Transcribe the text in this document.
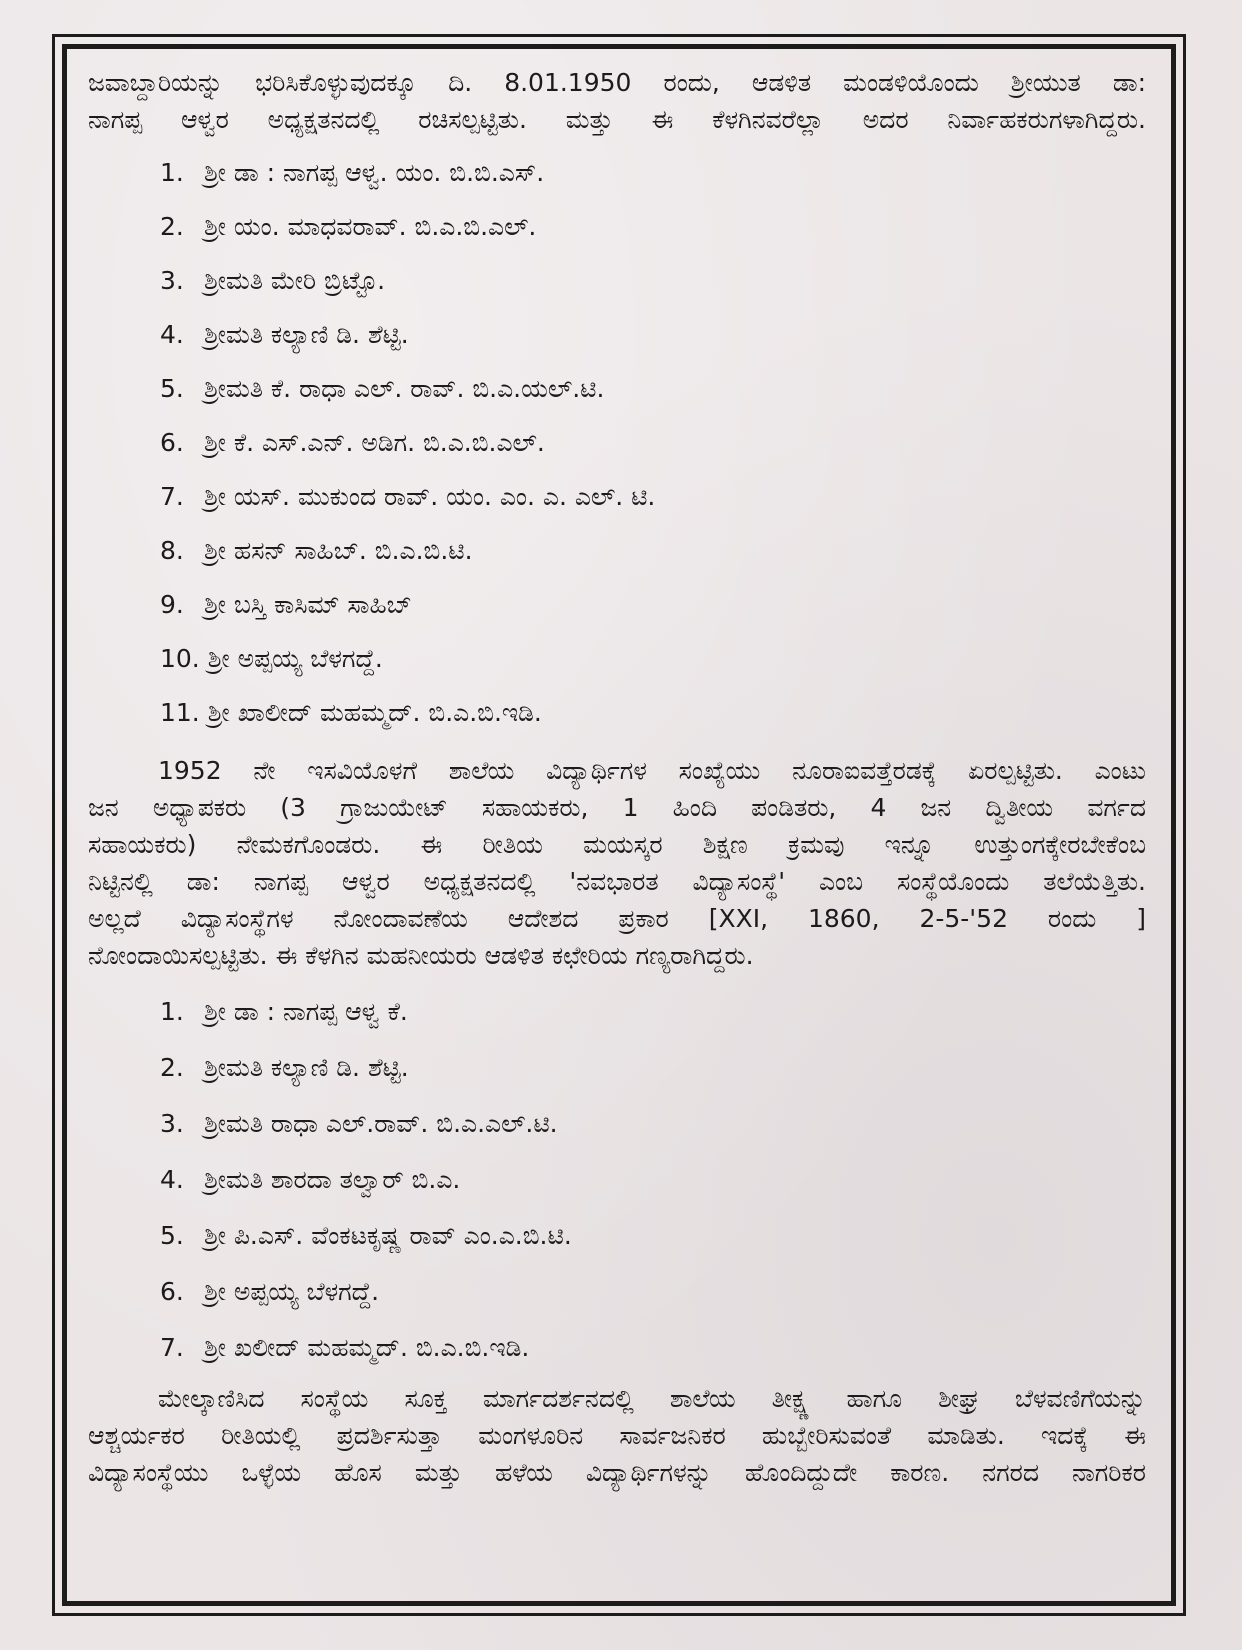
ಜವಾಬ್ದಾರಿಯನ್ನು ಭರಿಸಿಕೊಳ್ಳುವುದಕ್ಕೂ ದಿ. 8.01.1950 ರಂದು, ಆಡಳಿತ ಮಂಡಳಿಯೊಂದು ಶ್ರೀಯುತ ಡಾ:
ನಾಗಪ್ಪ ಆಳ್ವರ ಅಧ್ಯಕ್ಷತನದಲ್ಲಿ ರಚಿಸಲ್ಪಟ್ಟಿತು. ಮತ್ತು ಈ ಕೆಳಗಿನವರೆಲ್ಲಾ ಅದರ ನಿರ್ವಾಹಕರುಗಳಾಗಿದ್ದರು.
1. ಶ್ರೀ ಡಾ : ನಾಗಪ್ಪ ಆಳ್ವ. ಯಂ. ಬಿ.ಬಿ.ಎಸ್.
2. ಶ್ರೀ ಯಂ. ಮಾಧವರಾವ್. ಬಿ.ಎ.ಬಿ.ಎಲ್.
3. ಶ್ರೀಮತಿ ಮೇರಿ ಬ್ರಿಟ್ಟೊ.
4. ಶ್ರೀಮತಿ ಕಲ್ಯಾಣಿ ಡಿ. ಶೆಟ್ಟಿ.
5. ಶ್ರೀಮತಿ ಕೆ. ರಾಧಾ ಎಲ್. ರಾವ್. ಬಿ.ಎ.ಯಲ್.ಟಿ.
6. ಶ್ರೀ ಕೆ. ಎಸ್.ಎನ್. ಅಡಿಗ. ಬಿ.ಎ.ಬಿ.ಎಲ್.
7. ಶ್ರೀ ಯಸ್. ಮುಕುಂದ ರಾವ್. ಯಂ. ಎಂ. ಎ. ಎಲ್. ಟಿ.
8. ಶ್ರೀ ಹಸನ್ ಸಾಹಿಬ್. ಬಿ.ಎ.ಬಿ.ಟಿ.
9. ಶ್ರೀ ಬಸ್ತಿ ಕಾಸಿಮ್ ಸಾಹಿಬ್
10. ಶ್ರೀ ಅಪ್ಪಯ್ಯ ಬೆಳಗದ್ದೆ.
11. ಶ್ರೀ ಖಾಲೀದ್ ಮಹಮ್ಮದ್. ಬಿ.ಎ.ಬಿ.ಇಡಿ.
1952 ನೇ ಇಸವಿಯೊಳಗೆ ಶಾಲೆಯ ವಿದ್ಯಾರ್ಥಿಗಳ ಸಂಖ್ಯೆಯು ನೂರಾಐವತ್ತೆರಡಕ್ಕೆ ಏರಲ್ಪಟ್ಟಿತು. ಎಂಟು
ಜನ ಅಧ್ಯಾಪಕರು (3 ಗ್ರಾಜುಯೇಟ್ ಸಹಾಯಕರು, 1 ಹಿಂದಿ ಪಂಡಿತರು, 4 ಜನ ದ್ವಿತೀಯ ವರ್ಗದ
ಸಹಾಯಕರು) ನೇಮಕಗೊಂಡರು. ಈ ರೀತಿಯ ಮಯಸ್ಕರ ಶಿಕ್ಷಣ ಕ್ರಮವು ಇನ್ನೂ ಉತ್ತುಂಗಕ್ಕೇರಬೇಕೆಂಬ
ನಿಟ್ಟಿನಲ್ಲಿ ಡಾ: ನಾಗಪ್ಪ ಆಳ್ವರ ಅಧ್ಯಕ್ಷತನದಲ್ಲಿ 'ನವಭಾರತ ವಿದ್ಯಾಸಂಸ್ಥೆ' ಎಂಬ ಸಂಸ್ಥೆಯೊಂದು ತಲೆಯೆತ್ತಿತು.
ಅಲ್ಲದೆ ವಿದ್ಯಾಸಂಸ್ಥೆಗಳ ನೋಂದಾವಣೆಯ ಆದೇಶದ ಪ್ರಕಾರ [XXI, 1860, 2-5-'52 ರಂದು ]
ನೋಂದಾಯಿಸಲ್ಪಟ್ಟಿತು. ಈ ಕೆಳಗಿನ ಮಹನೀಯರು ಆಡಳಿತ ಕಛೇರಿಯ ಗಣ್ಯರಾಗಿದ್ದರು.
1. ಶ್ರೀ ಡಾ : ನಾಗಪ್ಪ ಆಳ್ವ ಕೆ.
2. ಶ್ರೀಮತಿ ಕಲ್ಯಾಣಿ ಡಿ. ಶೆಟ್ಟಿ.
3. ಶ್ರೀಮತಿ ರಾಧಾ ಎಲ್.ರಾವ್. ಬಿ.ಎ.ಎಲ್.ಟಿ.
4. ಶ್ರೀಮತಿ ಶಾರದಾ ತಲ್ವಾರ್ ಬಿ.ಎ.
5. ಶ್ರೀ ಪಿ.ಎಸ್. ವೆಂಕಟಕೃಷ್ಣ ರಾವ್ ಎಂ.ಎ.ಬಿ.ಟಿ.
6. ಶ್ರೀ ಅಪ್ಪಯ್ಯ ಬೆಳಗದ್ದೆ.
7. ಶ್ರೀ ಖಲೀದ್ ಮಹಮ್ಮದ್. ಬಿ.ಎ.ಬಿ.ಇಡಿ.
ಮೇಲ್ಕಾಣಿಸಿದ ಸಂಸ್ಥೆಯ ಸೂಕ್ತ ಮಾರ್ಗದರ್ಶನದಲ್ಲಿ ಶಾಲೆಯ ತೀಕ್ಷ್ಣ ಹಾಗೂ ಶೀಘ್ರ ಬೆಳವಣಿಗೆಯನ್ನು
ಆಶ್ಚರ್ಯಕರ ರೀತಿಯಲ್ಲಿ ಪ್ರದರ್ಶಿಸುತ್ತಾ ಮಂಗಳೂರಿನ ಸಾರ್ವಜನಿಕರ ಹುಬ್ಬೇರಿಸುವಂತೆ ಮಾಡಿತು. ಇದಕ್ಕೆ ಈ
ವಿದ್ಯಾಸಂಸ್ಥೆಯು ಒಳ್ಳೆಯ ಹೊಸ ಮತ್ತು ಹಳೆಯ ವಿದ್ಯಾರ್ಥಿಗಳನ್ನು ಹೊಂದಿದ್ದುದೇ ಕಾರಣ. ನಗರದ ನಾಗರಿಕರ
